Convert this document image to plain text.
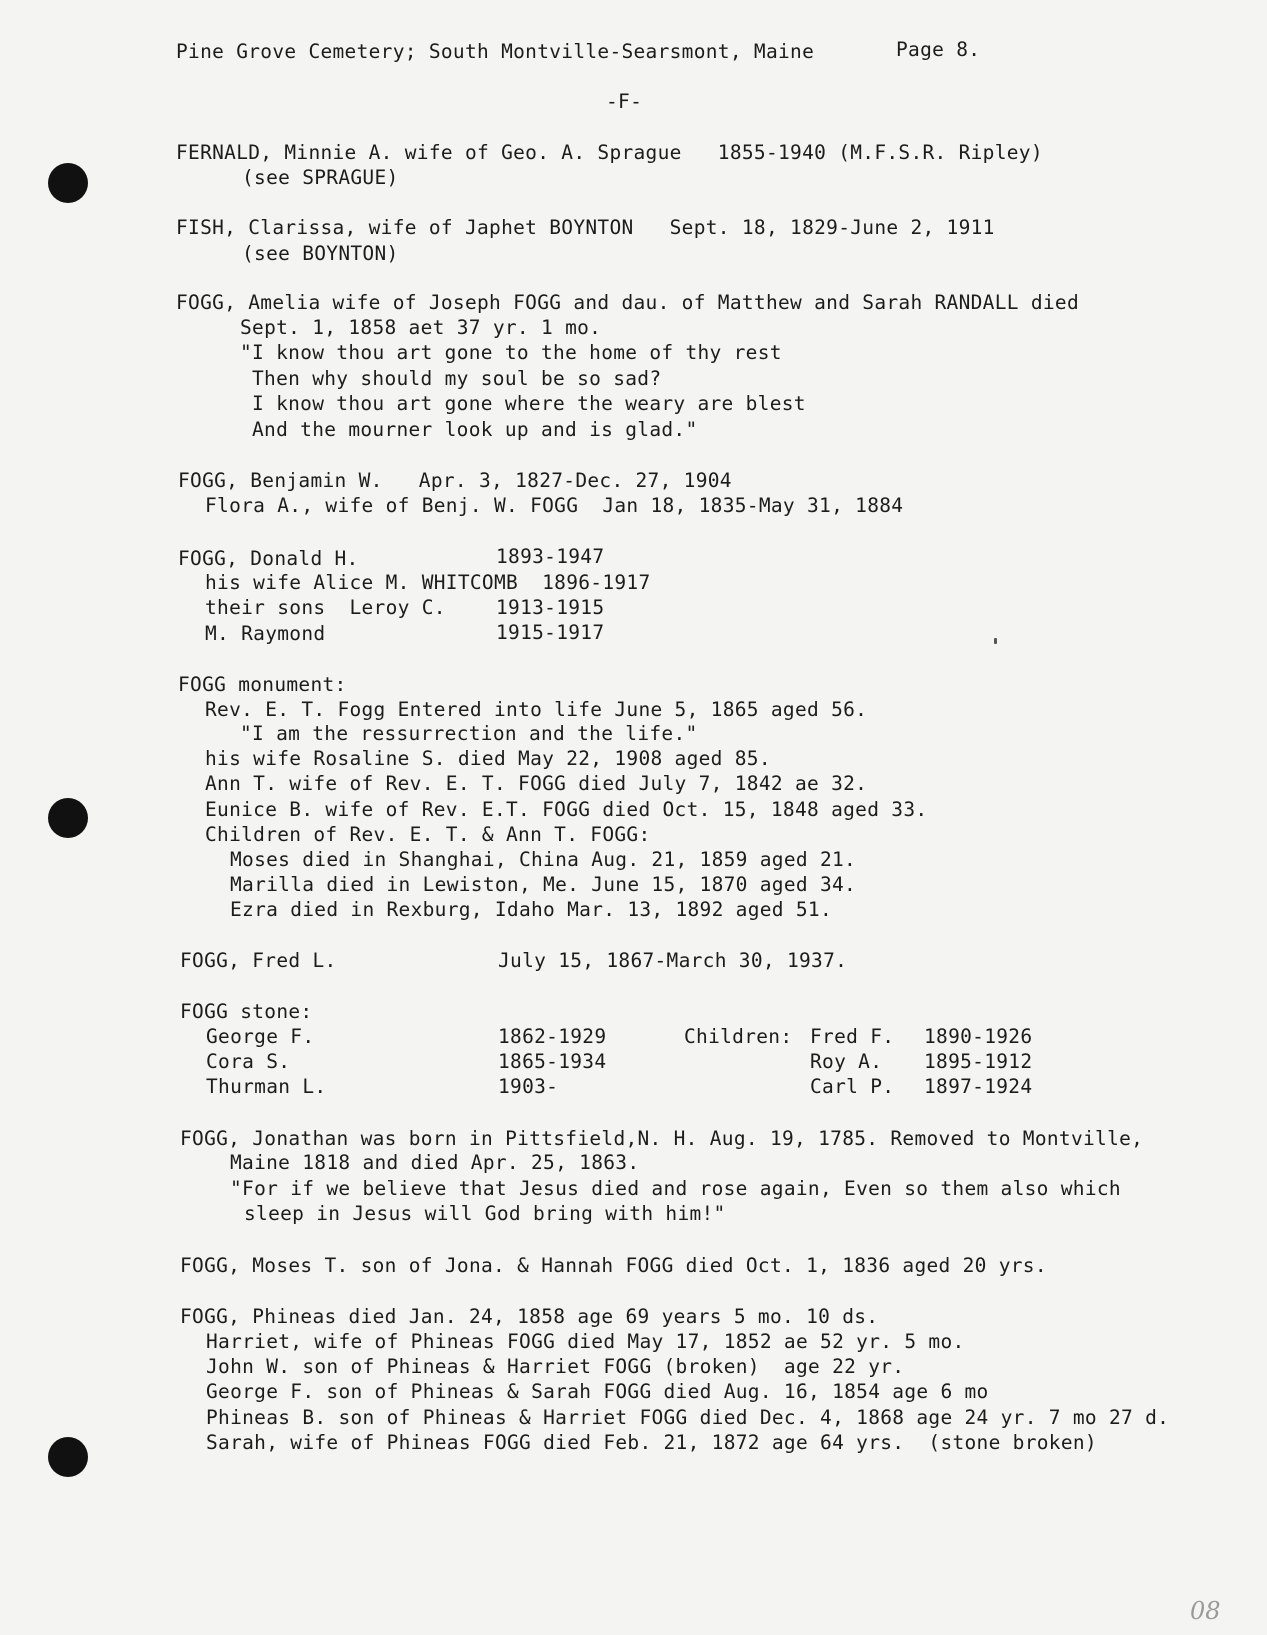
Pine Grove Cemetery; South Montville-Searsmont, Maine	Page 8.
-F-
FERNALD, Minnie A. wife of Geo. A. Sprague   1855-1940 (M.F.S.R. Ripley)
(see SPRAGUE)
FISH, Clarissa, wife of Japhet BOYNTON   Sept. 18, 1829-June 2, 1911
(see BOYNTON)
FOGG, Amelia wife of Joseph FOGG and dau. of Matthew and Sarah RANDALL died
Sept. 1, 1858 aet 37 yr. 1 mo.
"I know thou art gone to the home of thy rest
Then why should my soul be so sad?
I know thou art gone where the weary are blest
And the mourner look up and is glad."
FOGG, Benjamin W.   Apr. 3, 1827-Dec. 27, 1904
Flora A., wife of Benj. W. FOGG  Jan 18, 1835-May 31, 1884
FOGG, Donald H.	1893-1947
his wife Alice M. WHITCOMB  1896-1917
their sons  Leroy C.	1913-1915
M. Raymond	1915-1917
FOGG monument:
Rev. E. T. Fogg Entered into life June 5, 1865 aged 56.
"I am the ressurrection and the life."
his wife Rosaline S. died May 22, 1908 aged 85.
Ann T. wife of Rev. E. T. FOGG died July 7, 1842 ae 32.
Eunice B. wife of Rev. E.T. FOGG died Oct. 15, 1848 aged 33.
Children of Rev. E. T. & Ann T. FOGG:
Moses died in Shanghai, China Aug. 21, 1859 aged 21.
Marilla died in Lewiston, Me. June 15, 1870 aged 34.
Ezra died in Rexburg, Idaho Mar. 13, 1892 aged 51.
FOGG, Fred L.	July 15, 1867-March 30, 1937.
FOGG stone:
George F.	1862-1929	Children: Fred F. 1890-1926
Cora S.	1865-1934	Roy A. 1895-1912
Thurman L.	1903-	Carl P. 1897-1924
FOGG, Jonathan was born in Pittsfield,N. H. Aug. 19, 1785. Removed to Montville,
Maine 1818 and died Apr. 25, 1863.
"For if we believe that Jesus died and rose again, Even so them also which
sleep in Jesus will God bring with him!"
FOGG, Moses T. son of Jona. & Hannah FOGG died Oct. 1, 1836 aged 20 yrs.
FOGG, Phineas died Jan. 24, 1858 age 69 years 5 mo. 10 ds.
Harriet, wife of Phineas FOGG died May 17, 1852 ae 52 yr. 5 mo.
John W. son of Phineas & Harriet FOGG (broken)  age 22 yr.
George F. son of Phineas & Sarah FOGG died Aug. 16, 1854 age 6 mo
Phineas B. son of Phineas & Harriet FOGG died Dec. 4, 1868 age 24 yr. 7 mo 27 d.
Sarah, wife of Phineas FOGG died Feb. 21, 1872 age 64 yrs.  (stone broken)
08
